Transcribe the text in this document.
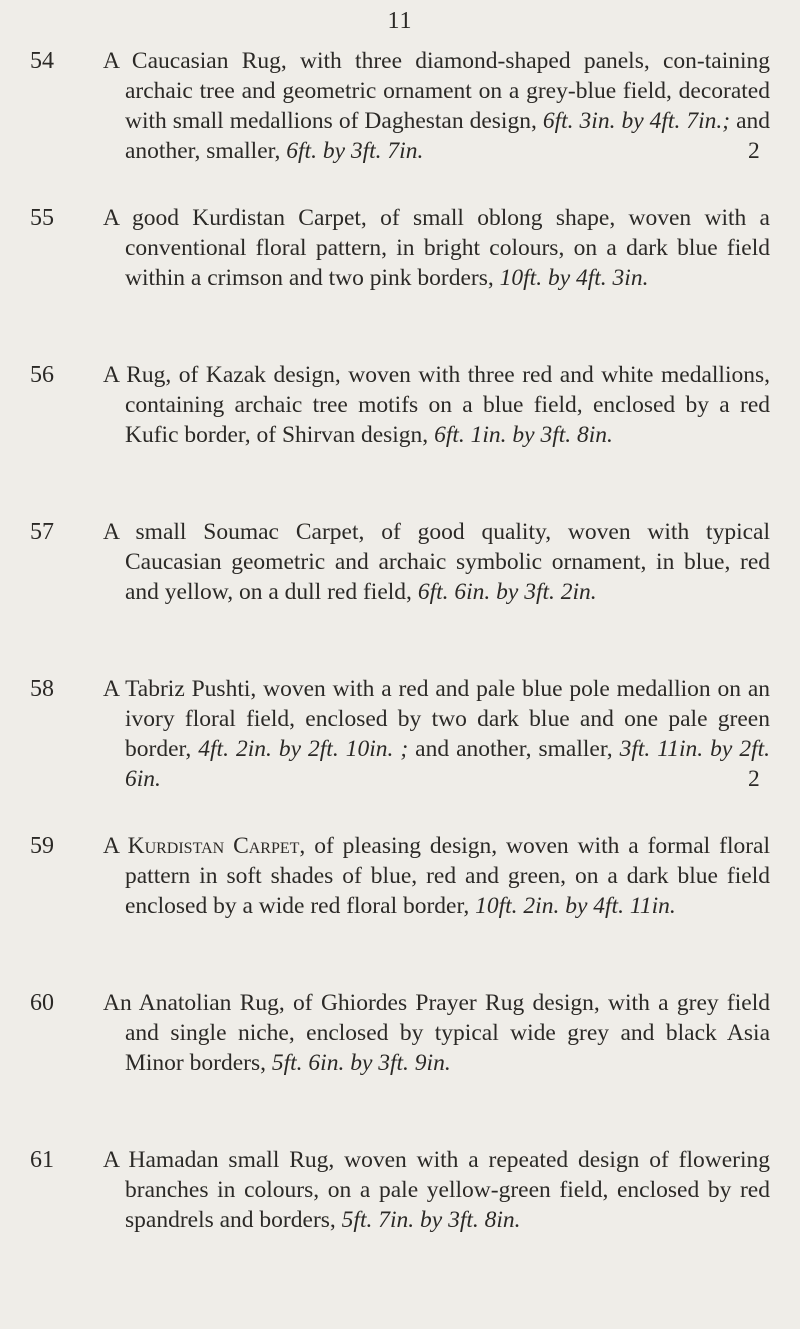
11
54 A Caucasian Rug, with three diamond-shaped panels, con-taining archaic tree and geometric ornament on a grey-blue field, decorated with small medallions of Daghestan design, 6ft. 3in. by 4ft. 7in.; and another, smaller, 6ft. by 3ft. 7in.	2
55 A good Kurdistan Carpet, of small oblong shape, woven with a conventional floral pattern, in bright colours, on a dark blue field within a crimson and two pink borders, 10ft. by 4ft. 3in.
56 A Rug, of Kazak design, woven with three red and white medallions, containing archaic tree motifs on a blue field, enclosed by a red Kufic border, of Shirvan design, 6ft. 1in. by 3ft. 8in.
57 A small Soumac Carpet, of good quality, woven with typical Caucasian geometric and archaic symbolic ornament, in blue, red and yellow, on a dull red field, 6ft. 6in. by 3ft. 2in.
58 A Tabriz Pushti, woven with a red and pale blue pole medallion on an ivory floral field, enclosed by two dark blue and one pale green border, 4ft. 2in. by 2ft. 10in. ; and another, smaller, 3ft. 11in. by 2ft. 6in.	2
59 A Kurdistan Carpet, of pleasing design, woven with a formal floral pattern in soft shades of blue, red and green, on a dark blue field enclosed by a wide red floral border, 10ft. 2in. by 4ft. 11in.
60 An Anatolian Rug, of Ghiordes Prayer Rug design, with a grey field and single niche, enclosed by typical wide grey and black Asia Minor borders, 5ft. 6in. by 3ft. 9in.
61 A Hamadan small Rug, woven with a repeated design of flowering branches in colours, on a pale yellow-green field, enclosed by red spandrels and borders, 5ft. 7in. by 3ft. 8in.
